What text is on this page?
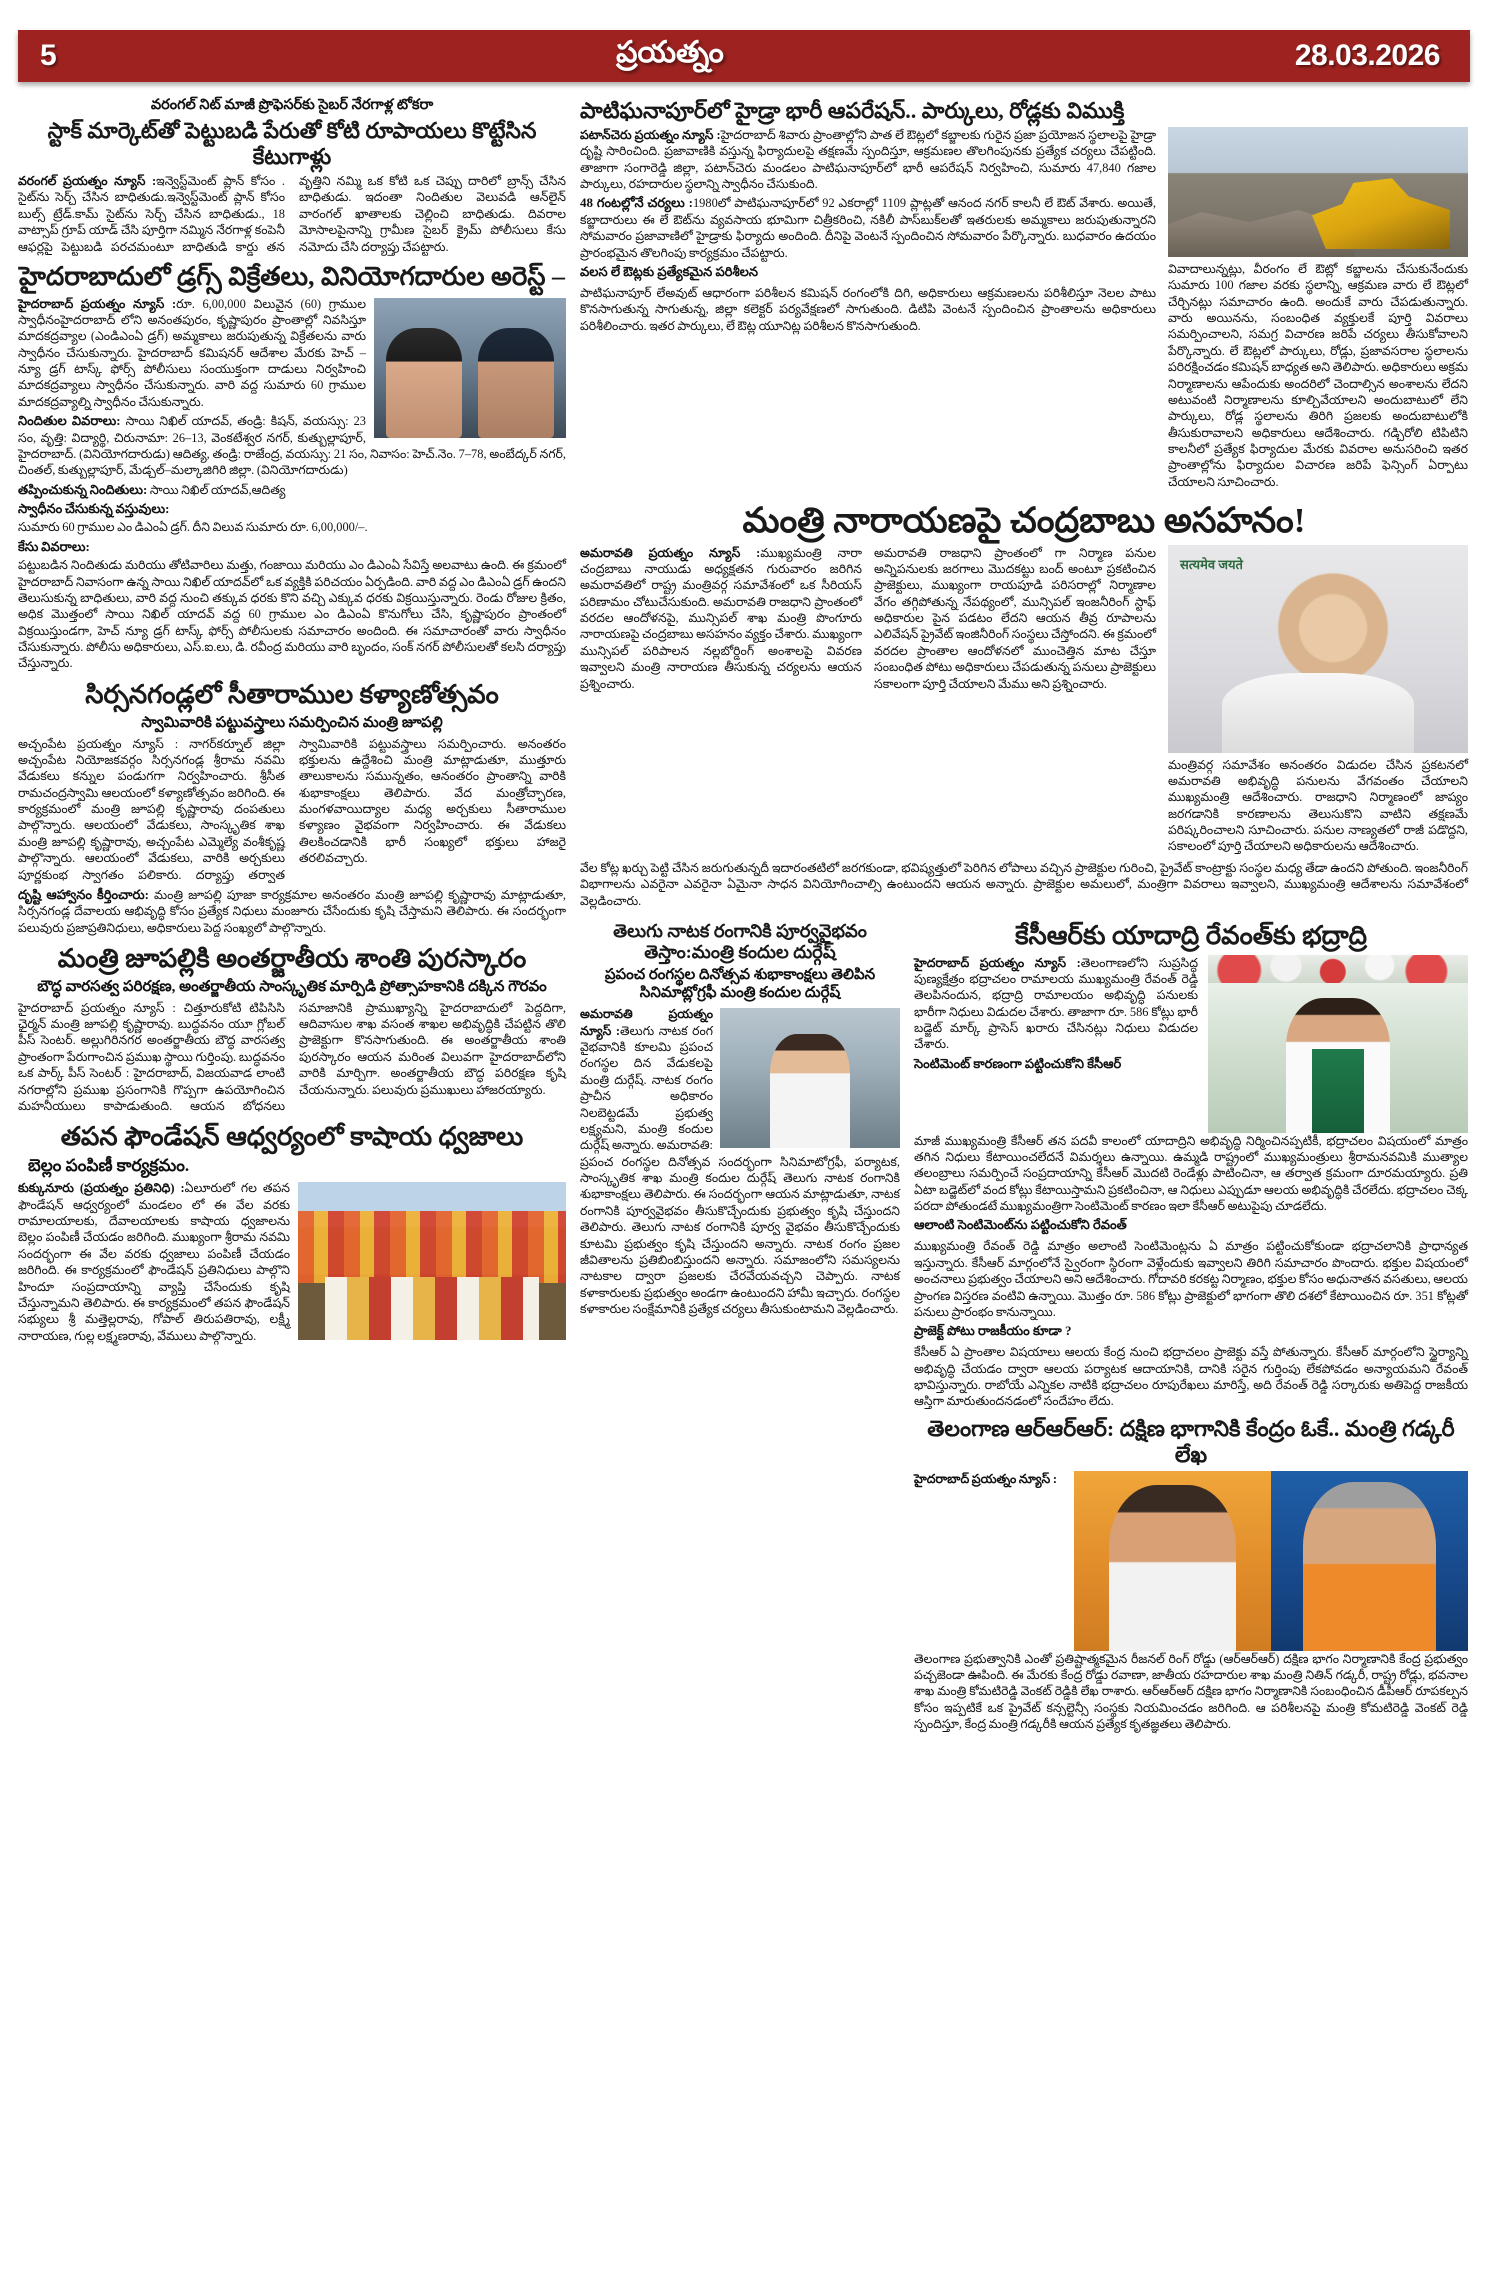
5	ప్రయత్నం	28.03.2026
వరంగల్ నిట్ మాజీ ప్రొఫెసర్‌కు సైబర్ నేరగాళ్ల టోకరా
స్టాక్ మార్కెట్‌తో పెట్టుబడి పేరుతో కోటి రూపాయలు కొట్టేసిన కేటుగాళ్లు

వరంగల్ ప్రయత్నం న్యూస్ :ఇన్వెస్ట్‌మెంట్ ప్లాన్ కోసం . సైట్‌ను సెర్చ్ చేసిన బాధితుడు.ఇన్వెస్ట్‌మెంట్ ప్లాన్ కోసం బుల్స్ ట్రేడ్.కామ్ సైట్‌ను సెర్చ్ చేసిన బాధితుడు., 18 వాట్సాప్ గ్రూప్ యాడ్ చేసి పూర్తిగా నమ్మిన నేరగాళ్ల కంపెనీ ఆఫర్లపై పెట్టుబడి పరచమంటూ బాధితుడి కార్డు తన వృత్తిని నమ్మి ఒక కోటి ఒక చెప్పు దారిలో బ్రాన్స్ చేసిన బాధితుడు. ఇదంతా నిందితుల వెలువడి ఆన్‌లైన్ వారంగల్ ఖాతాలకు చెల్లించి బాధితుడు. దివరాల మోసాలపైనాన్ని గ్రామీణ సైబర్ క్రైమ్ పోలీసులు కేసు నమోదు చేసి దర్యాప్తు చేపట్టారు.

హైదరాబాదులో డ్రగ్స్ విక్రేతలు, వినియోగదారుల అరెస్ట్ –

హైదరాబాద్ ప్రయత్నం న్యూస్ :రూ. 6,00,000 విలువైన (60) గ్రాముల స్వాధీనంహైదరాబాద్ లోని అనంతపురం, కృష్ణాపురం ప్రాంతాల్లో నివసిస్తూ మాదకద్రవ్యాల (ఎండిఎంఏ డ్రగ్) అమ్మకాలు జరుపుతున్న విక్రేతలను వారు స్వాధీనం చేసుకున్నారు. హైదరాబాద్ కమిషనర్ ఆదేశాల మేరకు హెచ్ – న్యూ డ్రగ్ టాస్క్ ఫోర్స్ పోలీసులు సంయుక్తంగా దాడులు నిర్వహించి మాదకద్రవ్యాలు స్వాధీనం చేసుకున్నారు. వారి వద్ద సుమారు 60 గ్రాముల మాదకద్రవ్యాల్ని స్వాధీనం చేసుకున్నారు.

నిందితుల వివరాలు: సాయి నిఖిల్ యాదవ్, తండ్రి: కిషన్, వయ‌స్సు: 23 సం, వృత్తి: విద్యార్థి, చిరునామా: 26–13, వెంకటేశ్వర నగర్, కుత్బుల్లాపూర్, హైదరాబాద్. (వినియోగదారుడు) ఆదిత్య, తండ్రి: రాజేంద్ర, వయ‌స్సు: 21 సం, నివాసం: హెచ్.నెం. 7–78, అంబేద్కర్ నగర్, చింతల్, కుత్బుల్లాపూర్, మేడ్చల్–మల్కాజిగిరి జిల్లా. (వినియోగదారుడు)

తప్పించుకున్న నిందితులు: సాయి నిఖిల్ యాదవ్,ఆదిత్య

స్వాధీనం చేసుకున్న వస్తువులు:

సుమారు 60 గ్రాముల ఎం డిఎంఏ డ్రగ్. దీని విలువ సుమారు రూ. 6,00,000/–.

కేసు వివరాలు:

పట్టుబడిన నిందితుడు మరియు తోటివారిలు మత్తు, గంజాయి మరియు ఎం డిఎంఏ సేవిస్తే అలవాటు ఉంది. ఈ క్రమంలో హైదరాబాద్ నివాసంగా ఉన్న సాయి నిఖిల్ యాదవ్‌లో ఒక వ్యక్తికి పరిచయం ఏర్పడింది. వారి వద్ద ఎం డిఎంఏ డ్రగ్ ఉందని తెలుసుకున్న బాధితులు, వారి వద్ద నుంచి తక్కువ ధరకు కొని వచ్చి ఎక్కువ ధరకు విక్రయిస్తున్నారు. రెండు రోజుల క్రితం, అధిక మొత్తంలో సాయి నిఖిల్ యాదవ్ వద్ద 60 గ్రాముల ఎం డిఎంఏ కొనుగోలు చేసి, కృష్ణాపురం ప్రాంతంలో విక్రయిస్తుండగా, హెచ్ న్యూ డ్రగ్ టాస్క్ ఫోర్స్ పోలీసులకు సమాచారం అందింది. ఈ సమాచారంతో వారు స్వాధీనం చేసుకున్నారు. పోలీసు అధికారులు, ఎస్.ఐ.లు, డి. రవీంద్ర మరియు వారి బృందం, సంక్ నగర్ పోలీసులతో కలసి దర్యాప్తు చేస్తున్నారు.

సిర్సనగండ్లలో సీతారాముల కళ్యాణోత్సవం
స్వామివారికి పట్టువస్త్రాలు సమర్పించిన మంత్రి జూపల్లి

అచ్చంపేట ప్రయత్నం న్యూస్ : నాగర్‌కర్నూల్ జిల్లా అచ్చంపేట నియోజకవర్గం సిర్సనగండ్ల శ్రీరామ నవమి వేడుకలు కన్నుల పండుగగా నిర్వహించారు. శ్రీసీత రామచంద్రస్వామి ఆలయంలో కళ్యాణోత్సవం జరిగింది. ఈ కార్యక్రమంలో మంత్రి జూపల్లి కృష్ణారావు దంపతులు పాల్గొన్నారు. ఆలయంలో వేడుకలు, సాంస్కృతిక శాఖ మంత్రి జూపల్లి కృష్ణారావు, అచ్చంపేట ఎమ్మెల్యే వంశీకృష్ణ పాల్గొన్నారు. ఆలయంలో వేడుకలు, వారికి అర్చకులు పూర్ణకుంభ స్వాగతం పలికారు. దర్యాప్తు తర్వాత స్వామివారికి పట్టువస్త్రాలు సమర్పించారు. అనంతరం భక్తులను ఉద్దేశించి మంత్రి మాట్లాడుతూ, ముత్తూరు తాలుకాలను సమున్నతం, ఆనంతరం ప్రాంతాన్ని వారికి శుభాకాంక్షలు తెలిపారు. వేద మంత్రోచ్ఛారణ, మంగళవాయిద్యాల మధ్య అర్చకులు సీతారాముల కళ్యాణం వైభవంగా నిర్వహించారు. ఈ వేడుకలు తిలకించడానికి భారీ సంఖ్యలో భక్తులు హాజరై తరలివచ్చారు.

దృష్టి ఆహ్వానం కీర్తించారు: మంత్రి జూపల్లి పూజా కార్యక్రమాల అనంతరం మంత్రి జూపల్లి కృష్ణారావు మాట్లాడుతూ, సిర్సనగండ్ల దేవాలయ ఆభివృద్ధి కోసం ప్రత్యేక నిధులు మంజూరు చేసేందుకు కృషి చేస్తామని తెలిపారు. ఈ సందర్భంగా పలువురు ప్రజాప్రతినిధులు, అధికారులు పెద్ద సంఖ్యలో పాల్గొన్నారు.

మంత్రి జూపల్లికి అంతర్జాతీయ శాంతి పురస్కారం
బౌద్ధ వారసత్వ పరిరక్షణ, అంతర్జాతీయ సాంస్కృతిక మార్పిడి ప్రోత్సాహకానికి దక్కిన గౌరవం

హైదరాబాద్ ప్రయత్నం న్యూస్ : చిత్తూరుకోటి టిపిసిసి ఛైర్మన్ మంత్రి జూపల్లి కృష్ణారావు. బుద్ధవనం యూ గ్లోబల్ పీస్ సెంటర్. అల్లుగిరినగర అంతర్జాతీయ బౌద్ధ వారసత్వ ప్రాంతంగా పేరుగాంచిన ప్రముఖ స్థాయి గుర్తింపు. బుద్ధవనం ఒక పార్క్ పీస్ సెంటర్ : హైదరాబాద్, విజయవాడ లాంటి నగరాల్లోని ప్రముఖ ప్రసంగానికి గొప్పగా ఉపయోగించిన మహనీయులు కాపాడుతుంది. ఆయన బోధనలు సమాజానికి ప్రాముఖ్యాన్ని హైదరాబాదులో పెద్దదిగా, ఆదివాసుల శాఖ వసంత శాఖల అభివృద్ధికి చేపట్టిన తొలి ప్రాజెక్టుగా కొనసాగుతుంది. ఈ అంతర్జాతీయ శాంతి పురస్కారం ఆయన మరింత విలువగా హైదరాబాద్‌లోని వారికి మార్చిగా. అంతర్జాతీయ బౌద్ధ పరిరక్షణ కృషి చేయనున్నారు. పలువురు ప్రముఖులు హాజరయ్యారు.

తపన ఫౌండేషన్ ఆధ్వర్యంలో కాషాయ ధ్వజాలు
బెల్లం పంపిణీ కార్యక్రమం.

కుక్కునూరు (ప్రయత్నం ప్రతినిధి) :ఏలూరులో గల తపన ఫౌండేషన్ ఆధ్వర్యంలో మండలం లో ఈ వేల వరకు రామాలయాలకు, దేవాలయాలకు కాషాయ ధ్వజాలను బెల్లం పంపిణీ చేయడం జరిగింది. ముఖ్యంగా శ్రీరామ నవమి సందర్భంగా ఈ వేల వరకు ధ్వజాలు పంపిణీ చేయడం జరిగింది. ఈ కార్యక్రమంలో ఫౌండేషన్ ప్రతినిధులు పాల్గొని హిందూ సంప్రదాయాన్ని వ్యాప్తి చేసేందుకు కృషి చేస్తున్నామని తెలిపారు. ఈ కార్యక్రమంలో తపన ఫౌండేషన్ సభ్యులు శ్రీ మత్తెల్లరావు, గోపాల్ తిరుపతిరావు, లక్ష్మీ నారాయణ, గుల్ల లక్ష్మణరావు, వేములు పాల్గొన్నారు.

పాటిఘనాపూర్‌లో హైడ్రా భారీ ఆపరేషన్.. పార్కులు, రోడ్లకు విముక్తి

పటాన్‌చెరు ప్రయత్నం న్యూస్ :హైదరాబాద్ శివారు ప్రాంతాల్లోని పాత లే ఔట్లలో కబ్జాలకు గురైన ప్రజా ప్రయోజన స్థలాలపై హైడ్రా దృష్టి సారించింది. ప్రజావాణికి వస్తున్న ఫిర్యాదులపై తక్షణమే స్పందిస్తూ, ఆక్రమణల తొలగింపునకు ప్రత్యేక చర్యలు చేపట్టింది. తాజాగా సంగారెడ్డి జిల్లా, పటాన్‌చెరు మండలం పాటిఘనాపూర్‌లో భారీ ఆపరేషన్ నిర్వహించి, సుమారు 47,840 గజాల పార్కులు, రహదారుల స్థలాన్ని స్వాధీనం చేసుకుంది.

48 గంటల్లోనే చర్యలు :1980లో పాటిఘనాపూర్‌లో 92 ఎకరాల్లో 1109 ప్లాట్లతో ఆనంద నగర్ కాలనీ లే ఔట్ వేశారు. అయితే, కబ్జాదారులు ఈ లే ఔట్‌ను వ్యవసాయ భూమిగా చిత్రీకరించి, నకిలీ పాస్‌బుక్‌లతో ఇతరులకు అమ్మకాలు జరుపుతున్నారని సోమవారం ప్రజావాణిలో హైడ్రాకు ఫిర్యాదు అందింది. దీనిపై వెంటనే స్పందించిన సోమవారం పేర్కొన్నారు. బుధవారం ఉదయం ప్రారంభమైన తొలగింపు కార్యక్రమం చేపట్టారు.

వలస లే ఔట్లకు ప్రత్యేకమైన పరిశీలన

పాటిఘనాపూర్ లేఅవుట్ ఆధారంగా పరిశీలన కమిషన్ రంగంలోకి దిగి, అధికారులు ఆక్రమణలను పరిశీలిస్తూ నెలల పాటు కొనసాగుతున్న సాగుతున్న, జిల్లా కలెక్టర్ పర్యవేక్షణలో సాగుతుంది. డిటిపి వెంటనే స్పందించిన ప్రాంతాలను అధికారులు పరిశీలించారు. ఇతర పార్కులు, లే ఔట్ల యూనిట్ల పరిశీలన కొనసాగుతుంది.

వివాదాలున్నట్లు, వీరంగం లే ఔట్లో కబ్జాలను చేసుకునేందుకు సుమారు 100 గజాల వరకు స్థలాన్ని, ఆక్రమణ వారు లే ఔట్లలో చేర్చినట్లు సమాచారం ఉంది. అందుకే వారు చేపడుతున్నారు. వారు అయినను, సంబంధిత వ్యక్తులకే పూర్తి వివరాలు సమర్పించాలని, సమగ్ర విచారణ జరిపే చర్యలు తీసుకోవాలని పేర్కొన్నారు. లే ఔట్లలో పార్కులు, రోడ్లు, ప్రజావసరాల స్థలాలను పరిరక్షించడం కమిషన్ బాధ్యత అని తెలిపారు. అధికారులు అక్రమ నిర్మాణాలను ఆపేందుకు అందరిలో చెందాల్సిన అంశాలను లేదని అటువంటి నిర్మాణాలను కూల్చివేయాలని అందుబాటులో లేని పార్కులు, రోడ్ల స్థలాలను తిరిగి ప్రజలకు అందుబాటులోకి తీసుకురావాలని అధికారులు ఆదేశించారు. గడ్చిరోలి టిపిటిని కాలనీలో ప్రత్యేక ఫిర్యాదుల మేరకు వివరాల అనుసరించి ఇతర ప్రాంతాల్లోను ఫిర్యాదుల విచారణ జరిపే ఫెన్సింగ్ ఏర్పాటు చేయాలని సూచించారు.

మంత్రి నారాయణపై చంద్రబాబు అసహనం!

అమరావతి ప్రయత్నం న్యూస్ :ముఖ్యమంత్రి నారా చంద్రబాబు నాయుడు అధ్యక్షతన గురువారం జరిగిన అమరావతిలో రాష్ట్ర మంత్రివర్గ సమావేశంలో ఒక సీరియస్ పరిణామం చోటుచేసుకుంది. అమరావతి రాజధాని ప్రాంతంలో వరదల ఆందోళనపై, మున్సిపల్ శాఖ మంత్రి పొంగూరు నారాయణపై చంద్రబాబు అసహనం వ్యక్తం చేశారు. ముఖ్యంగా మున్సిపల్ పరిపాలన నల్లబోర్డింగ్ అంశాలపై వివరణ ఇవ్వాలని మంత్రి నారాయణ తీసుకున్న చర్యలను ఆయన ప్రశ్నించారు.

అమరావతి రాజధాని ప్రాంతంలో గా నిర్మాణ పనుల అన్నిపనులకు జరగాలు మెుదకట్టు బంద్ అంటూ ప్రకటించిన ప్రాజెక్టులు, ముఖ్యంగా రాయపూడి పరిసరాల్లో నిర్మాణాల వేగం తగ్గిపోతున్న నేపథ్యంలో, మున్సిపల్ ఇంజనీరింగ్ స్టాఫ్ అధికారుల పైన పడటం లేదని ఆయన తీవ్ర రూపాలను ఎలివేషన్ ప్రైవేట్ ఇంజినీరింగ్ సంస్థలు చేస్తోందని. ఈ క్రమంలో వరదల ప్రాంతాల ఆందోళనలో ముంచెత్తిన మాట చేస్తూ సంబంధిత పోటు అధికారులు చేపడుతున్న పనులు ప్రాజెక్టులు సకాలంగా పూర్తి చేయాలని మేము అని ప్రశ్నించారు.

सत्यमेव जयते

మంత్రివర్గ సమావేశం అనంతరం విడుదల చేసిన ప్రకటనలో అమరావతి అభివృద్ధి పనులను వేగవంతం చేయాలని ముఖ్యమంత్రి ఆదేశించారు. రాజధాని నిర్మాణంలో జాప్యం జరగడానికి కారణాలను తెలుసుకొని వాటిని తక్షణమే పరిష్కరించాలని సూచించారు. పనుల నాణ్యతలో రాజీ పడొద్దని, సకాలంలో పూర్తి చేయాలని అధికారులను ఆదేశించారు.

వేల కోట్ల ఖర్చు పెట్టి చేసిన జరుగుతున్నదీ ఇదారంతటిలో జరగకుండా, భవిష్యత్తులో పెరిగిన లోపాలు వచ్చిన ప్రాజెక్టుల గురించి, ప్రైవేట్ కాంట్రాక్టు సంస్థల మధ్య తేడా ఉందని పోతుంది. ఇంజనీరింగ్ విభాగాలను ఎవరైనా ఎవరైనా ఏమైనా సాధన వినియోగించాల్సి ఉంటుందని ఆయన అన్నారు. ప్రాజెక్టుల అమలులో, మంత్రిగా వివరాలు ఇవ్వాలని, ముఖ్యమంత్రి ఆదేశాలను సమావేశంలో వెల్లడించారు.

తెలుగు నాటక రంగానికి పూర్వవైభవం తెస్తాం:మంత్రి కందుల దుర్గేష్
ప్రపంచ రంగస్థల దినోత్సవ శుభాకాంక్షలు తెలిపిన సినిమాట్లోగ్రఫీ మంత్రి కందుల దుర్గేష్

అమరావతి ప్రయత్నం న్యూస్ :తెలుగు నాటక రంగ వైభవానికి కూలమి ప్రపంచ రంగస్థల దిన వేడుకలపై మంత్రి దుర్గేష్. నాటక రంగం ప్రాచీన అధికారం నిలబెట్టడమే ప్రభుత్వ లక్ష్యమని, మంత్రి కందుల దుర్గేష్ అన్నారు. అమరావతి: ప్రపంచ రంగస్థల దినోత్సవ సందర్భంగా సినిమాటోగ్రఫీ, పర్యాటక, సాంస్కృతిక శాఖ మంత్రి కందుల దుర్గేష్ తెలుగు నాటక రంగానికి శుభాకాంక్షలు తెలిపారు. ఈ సందర్భంగా ఆయన మాట్లాడుతూ, నాటక రంగానికి పూర్వవైభవం తీసుకొచ్చేందుకు ప్రభుత్వం కృషి చేస్తుందని తెలిపారు. తెలుగు నాటక రంగానికి పూర్వ వైభవం తీసుకొచ్చేందుకు కూటమి ప్రభుత్వం కృషి చేస్తుందని అన్నారు. నాటక రంగం ప్రజల జీవితాలను ప్రతిబింబిస్తుందని అన్నారు. సమాజంలోని సమస్యలను నాటకాల ద్వారా ప్రజలకు చేరవేయవచ్చని చెప్పారు. నాటక కళాకారులకు ప్రభుత్వం అండగా ఉంటుందని హామీ ఇచ్చారు. రంగస్థల కళాకారుల సంక్షేమానికి ప్రత్యేక చర్యలు తీసుకుంటామని వెల్లడించారు.

కేసీఆర్‌కు యాదాద్రి రేవంత్‌కు భద్రాద్రి

హైదరాబాద్ ప్రయత్నం న్యూస్ :తెలంగాణలోని సుప్రసిద్ధ పుణ్యక్షేత్రం భద్రాచలం రామాలయ ముఖ్యమంత్రి రేవంత్ రెడ్డి తెలపినందున, భద్రాద్రి రామాలయం అభివృద్ధి పనులకు భారీగా నిధులు విడుదల చేశారు. తాజాగా రూ. 586 కోట్లు భారీ బడ్జెట్ మార్క్ ప్రాసెస్ ఖరారు చేసినట్లు నిధులు విడుదల చేశారు.

సెంటిమెంట్ కారణంగా పట్టించుకోని కేసీఆర్

మాజీ ముఖ్యమంత్రి కేసీఆర్ తన పదవీ కాలంలో యాదాద్రిని అభివృద్ధి నిర్మించినప్పటికీ, భద్రాచలం విషయంలో మాత్రం తగిన నిధులు కేటాయించలేదనే విమర్శలు ఉన్నాయి. ఉమ్మడి రాష్ట్రంలో ముఖ్యమంత్రులు శ్రీరామనవమికి ముత్యాల తలంబ్రాలు సమర్పించే సంప్రదాయాన్ని కేసీఆర్ మొదటి రెండేళ్లు పాటించినా, ఆ తర్వాత క్రమంగా దూరమయ్యారు. ప్రతి ఏటా బడ్జెట్‌లో వంద కోట్లు కేటాయిస్తామని ప్రకటించినా, ఆ నిధులు ఎప్పుడూ ఆలయ అభివృద్ధికి చేరలేదు. భద్రాచలం చెక్క పరదా పోతుండటే ముఖ్యమంత్రిగా సెంటిమెంట్ కారణం ఇలా కేసీఆర్ అటుపైపు చూడలేదు.

ఆలాంటి సెంటిమెంట్‌ను పట్టించుకోని రేవంత్

ముఖ్యమంత్రి రేవంత్ రెడ్డి మాత్రం అలాంటి సెంటిమెంట్లను ఏ మాత్రం పట్టించుకోకుండా భద్రాచలానికి ప్రాధాన్యత ఇస్తున్నారు. కేసీఆర్ మార్గంలోనే స్వైరంగా స్థిరంగా వెళ్లేందుకు ఇవ్వాలని తిరిగి సమాచారం పొందారు. భక్తుల విషయంలో అంచనాలు ప్రభుత్వం చేయాలని అని ఆదేశించారు. గోదావరి కరకట్ట నిర్మాణం, భక్తుల కోసం అధునాతన వసతులు, ఆలయ ప్రాంగణ విస్తరణ వంటివి ఉన్నాయి. మొత్తం రూ. 586 కోట్లు ప్రాజెక్టులో భాగంగా తొలి దశలో కేటాయించిన రూ. 351 కోట్లతో పనులు ప్రారంభం కానున్నాయి.

ప్రాజెక్ట్ పోటు రాజకీయం కూడా ?

కేసీఆర్ ఏ ప్రాంతాల విషయాలు ఆలయ కేంద్ర నుంచి భద్రాచలం ప్రాజెక్టు వస్తే పోతున్నారు. కేసీఆర్ మార్గంలోని స్థైర్యాన్ని అభివృద్ధి చేయడం ద్వారా ఆలయ పర్యాటక ఆదాయానికి, దానికి సరైన గుర్తింపు లేకపోవడం అన్యాయమని రేవంత్ భావిస్తున్నారు. రాబోయే ఎన్నికల నాటికి భద్రాచలం రూపురేఖలు మారిస్తే, అది రేవంత్ రెడ్డి సర్కారుకు అతిపెద్ద రాజకీయ ఆస్తిగా మారుతుందనడంలో సందేహం లేదు.

తెలంగాణ ఆర్ఆర్ఆర్: దక్షిణ భాగానికి కేంద్రం ఓకే.. మంత్రి గడ్కరీ లేఖ

హైదరాబాద్ ప్రయత్నం న్యూస్ :

తెలంగాణ ప్రభుత్వానికి ఎంతో ప్రతిష్టాత్మకమైన రీజనల్ రింగ్ రోడ్డు (ఆర్ఆర్ఆర్) దక్షిణ భాగం నిర్మాణానికి కేంద్ర ప్రభుత్వం పచ్చజెండా ఊపింది. ఈ మేరకు కేంద్ర రోడ్డు రవాణా, జాతీయ రహదారుల శాఖ మంత్రి నితిన్ గడ్కరీ, రాష్ట్ర రోడ్లు, భవనాల శాఖ మంత్రి కోమటిరెడ్డి వెంకట్ రెడ్డికి లేఖ రాశారు. ఆర్ఆర్ఆర్ దక్షిణ భాగం నిర్మాణానికి సంబంధించిన డీపీఆర్ రూపకల్పన కోసం ఇప్పటికే ఒక ప్రైవేట్ కన్సల్టెన్సీ సంస్థకు నియమించడం జరిగింది. ఆ పరిశీలనపై మంత్రి కోమటిరెడ్డి వెంకట్ రెడ్డి స్పందిస్తూ, కేంద్ర మంత్రి గడ్కరీకి ఆయన ప్రత్యేక కృతజ్ఞతలు తెలిపారు.
